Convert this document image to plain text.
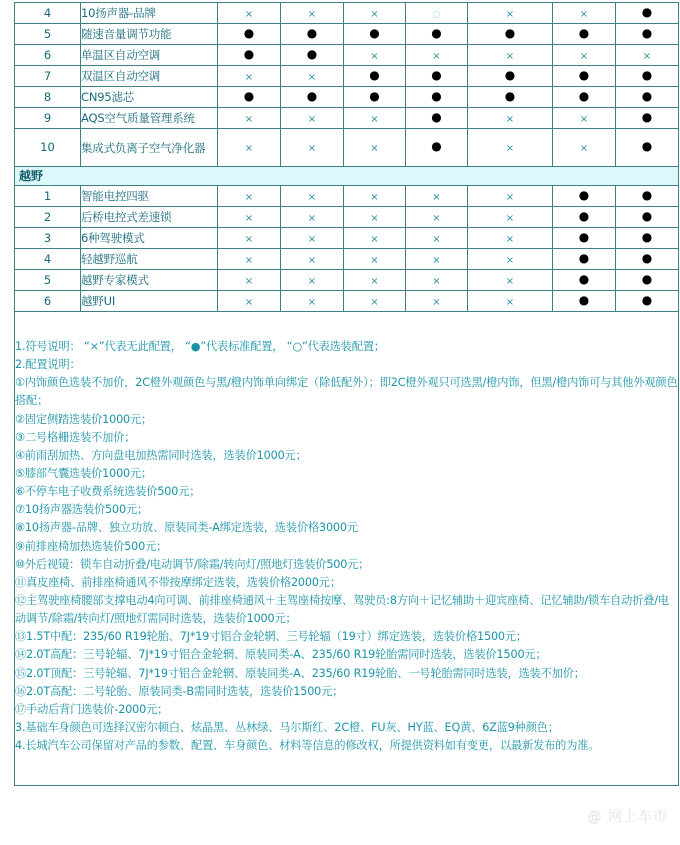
4	10扬声器-品牌	×	×	×	○	×	×	●
5	随速音量调节功能	●	●	●	●	●	●	●
6	单温区自动空调	●	●	×	×	×	×	×
7	双温区自动空调	×	×	●	●	●	●	●
8	CN95滤芯	●	●	●	●	●	●	●
9	AQS空气质量管理系统	×	×	×	●	×	×	●
10	集成式负离子空气净化器	×	×	×	●	×	×	●
越野								
1	智能电控四驱	×	×	×	×	×	●	●
2	后桥电控式差速锁	×	×	×	×	×	●	●
3	6种驾驶模式	×	×	×	×	×	●	●
4	轻越野巡航	×	×	×	×	×	●	●
5	越野专家模式	×	×	×	×	×	●	●
6	越野UI	×	×	×	×	×	●	●

1.符号说明： “×”代表无此配置， “●”代表标准配置， “○”代表选装配置；
2.配置说明：
①内饰颜色选装不加价，2C橙外观颜色与黑/橙内饰单向绑定（除低配外）；即2C橙外观只可选黑/橙内饰，但黑/橙内饰可与其他外观颜色搭配；
②固定侧踏选装价1000元；
③二号格栅选装不加价；
④前雨刮加热、方向盘电加热需同时选装，选装价1000元；
⑤膝部气囊选装价1000元；
⑥不停车电子收费系统选装价500元；
⑦10扬声器选装价500元；
⑧10扬声器-品牌、独立功放、原装同类-A绑定选装，选装价格3000元
⑨前排座椅加热选装价500元；
⑩外后视镜：锁车自动折叠/电动调节/除霜/转向灯/照地灯选装价500元；
⑪真皮座椅、前排座椅通风不带按摩绑定选装，选装价格2000元；
⑫主驾驶座椅腰部支撑电动4向可调、前排座椅通风＋主驾座椅按摩、驾驶员:8方向＋记忆辅助＋迎宾座椅、记忆辅助/锁车自动折叠/电动调节/除霜/转向灯/照地灯需同时选装，选装价1000元；
⑬1.5T中配：235/60 R19轮胎、7J*19寸铝合金轮辋、三号轮辐（19寸）绑定选装，选装价格1500元；
⑭2.0T高配：三号轮辐、7J*19寸铝合金轮辋、原装同类-A、235/60 R19轮胎需同时选装，选装价1500元；
⑮2.0T顶配：三号轮辐、7J*19寸铝合金轮辋、原装同类-A、235/60 R19轮胎、一号轮胎需同时选装，选装不加价；
⑯2.0T高配：二号轮胎、原装同类-B需同时选装，选装价1500元；
⑰手动后背门选装价-2000元；
3.基础车身颜色可选择汉密尔顿白、炫晶黑、丛林绿、马尔斯红、2C橙、FU灰、HY蓝、EQ黄、6Z蓝9种颜色；
4.长城汽车公司保留对产品的参数、配置、车身颜色、材料等信息的修改权，所提供资料如有变更，以最新发布的为准。
@ 网上车市
